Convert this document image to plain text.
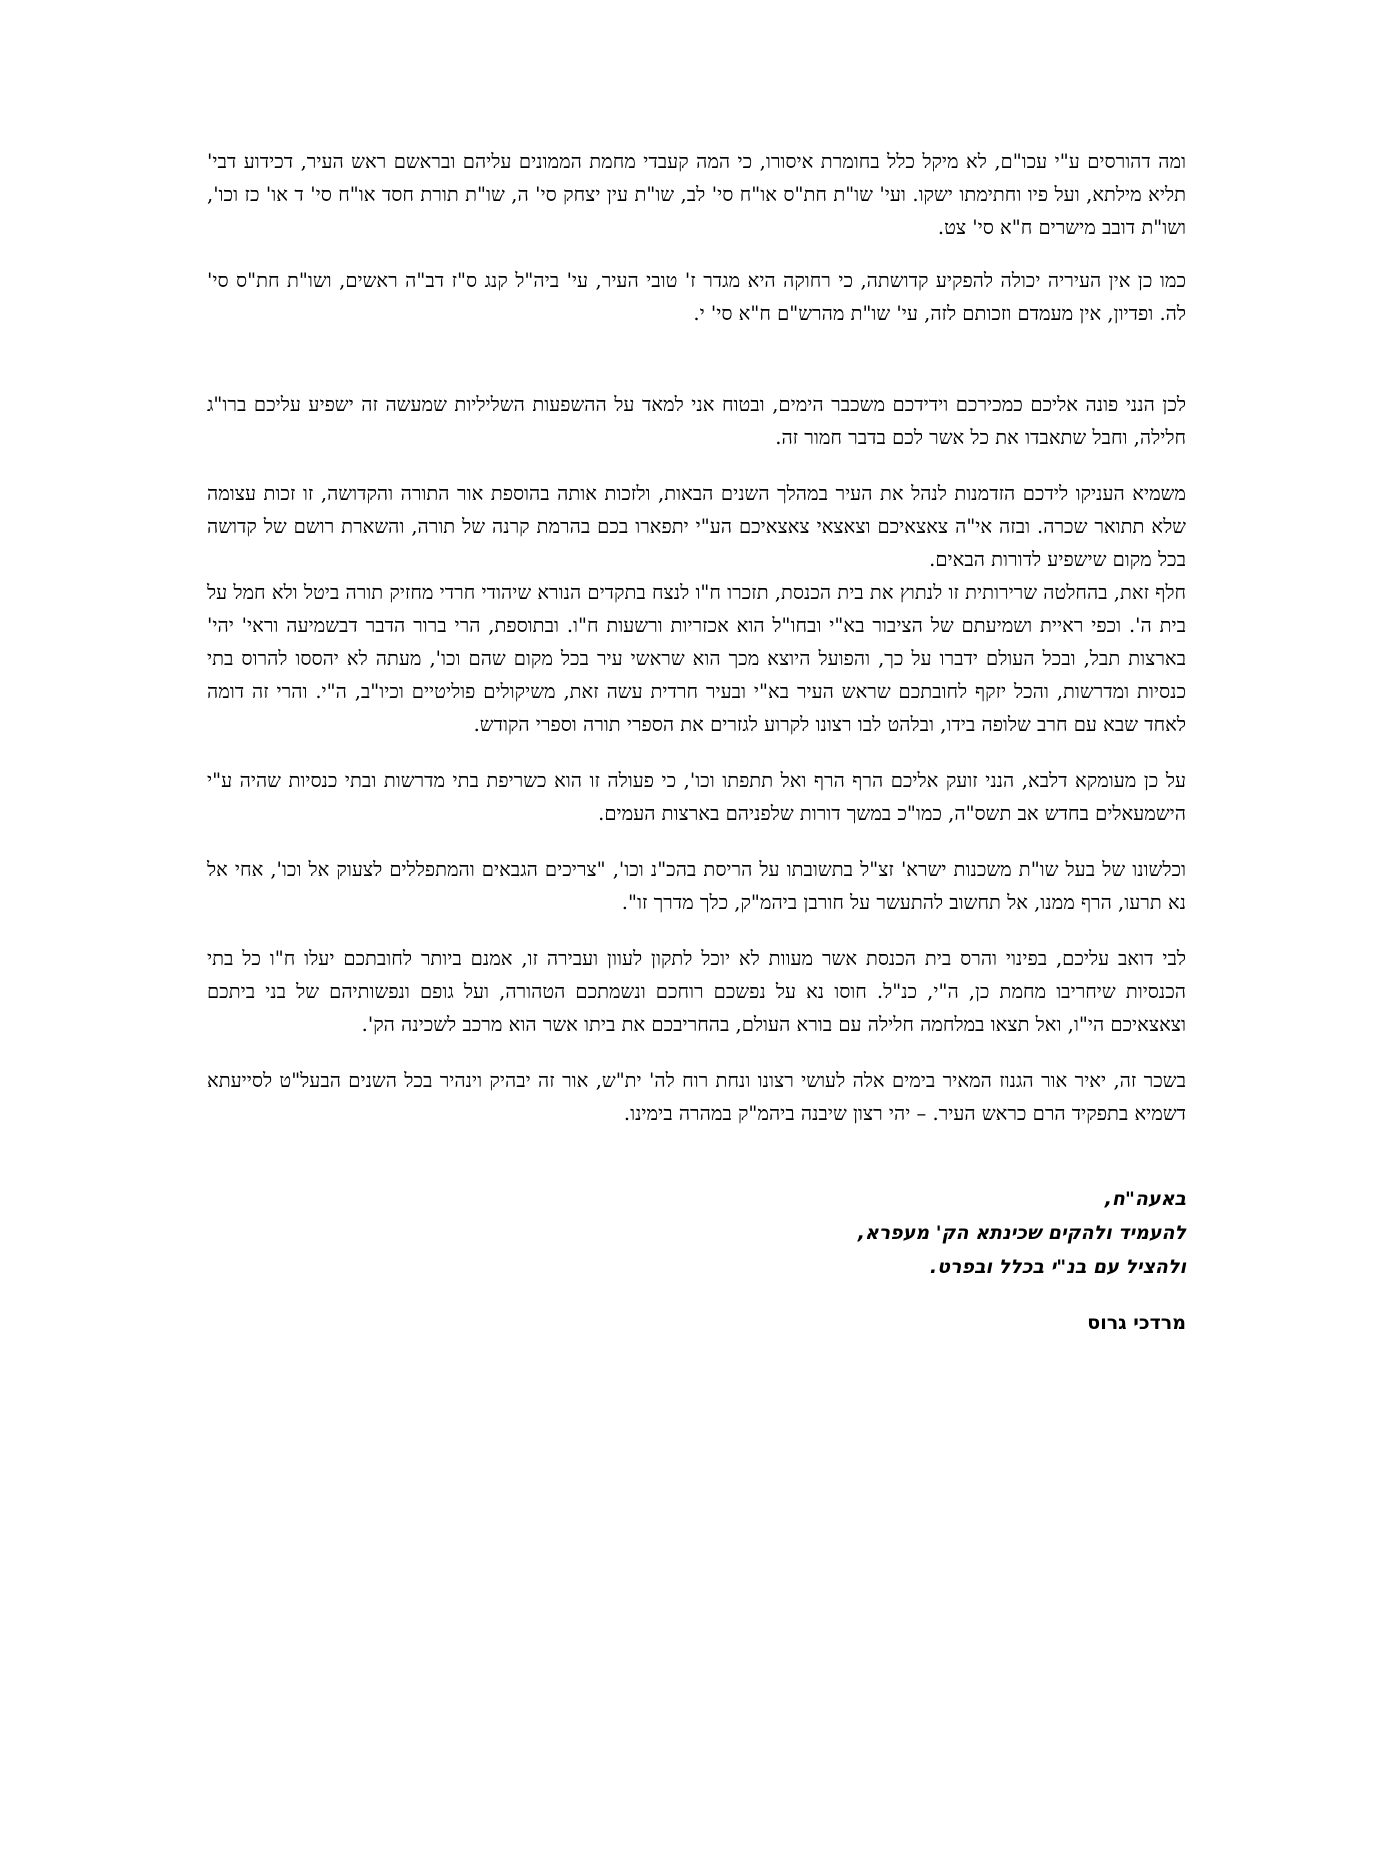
ומה דהורסים ע"י עכו"ם, לא מיקל כלל בחומרת איסורו, כי המה קעבדי מחמת הממונים עליהם ובראשם ראש העיר, דכידוע דבי' תליא מילתא, ועל פיו וחתימתו ישקו. ועי' שו"ת חת"ס או"ח סי' לב, שו"ת עין יצחק סי' ה, שו"ת תורת חסד או"ח סי' ד או' כז וכו', ושו"ת דובב מישרים ח"א סי' צט.

כמו כן אין העיריה יכולה להפקיע קדושתה, כי רחוקה היא מגדר ז' טובי העיר, עי' ביה"ל קנג ס"ז דב"ה ראשים, ושו"ת חת"ס סי' לה. ופדיון, אין מעמדם וזכותם לזה, עי' שו"ת מהרש"ם ח"א סי' י.

לכן הנני פונה אליכם כמכירכם וידידכם משכבר הימים, ובטוח אני למאד על ההשפעות השליליות שמעשה זה ישפיע עליכם ברו"ג חלילה, וחבל שתאבדו את כל אשר לכם בדבר חמור זה.

משמיא העניקו לידכם הזדמנות לנהל את העיר במהלך השנים הבאות, ולזכות אותה בהוספת אור התורה והקדושה, זו זכות עצומה שלא תתואר שכרה. ובזה אי"ה צאצאיכם וצאצאי צאצאיכם הע"י יתפארו בכם בהרמת קרנה של תורה, והשארת רושם של קדושה בכל מקום שישפיע לדורות הבאים.

חלף זאת, בהחלטה שרירותית זו לנתוץ את בית הכנסת, תזכרו ח"ו לנצח בתקדים הנורא שיהודי חרדי מחזיק תורה ביטל ולא חמל על בית ה'. וכפי ראיית ושמיעתם של הציבור בא"י ובחו"ל הוא אכזריות ורשעות ח"ו. ובתוספת, הרי ברור הדבר דבשמיעה וראי' יהי' בארצות תבל, ובכל העולם ידברו על כך, והפועל היוצא מכך הוא שראשי עיר בכל מקום שהם וכו', מעתה לא יהססו להרוס בתי כנסיות ומדרשות, והכל יזקף לחובתכם שראש העיר בא"י ובעיר חרדית עשה זאת, משיקולים פוליטיים וכיו"ב, ה"י. והרי זה דומה לאחד שבא עם חרב שלופה בידו, ובלהט לבו רצונו לקרוע לגזרים את הספרי תורה וספרי הקודש.

על כן מעומקא דלבא, הנני זועק אליכם הרף הרף ואל תתפתו וכו', כי פעולה זו הוא כשריפת בתי מדרשות ובתי כנסיות שהיה ע"י הישמעאלים בחדש אב תשס"ה, כמו"כ במשך דורות שלפניהם בארצות העמים.

וכלשונו של בעל שו"ת משכנות ישרא' זצ"ל בתשובתו על הריסת בהכ"נ וכו', "צריכים הגבאים והמתפללים לצעוק אל וכו', אחי אל נא תרעו, הרף ממנו, אל תחשוב להתעשר על חורבן ביהמ"ק, כלך מדרך זו".

לבי דואב עליכם, בפינוי והרס בית הכנסת אשר מעוות לא יוכל לתקון לעוון ועבירה זו, אמנם ביותר לחובתכם יעלו ח"ו כל בתי הכנסיות שיחריבו מחמת כן, ה"י, כנ"ל. חוסו נא על נפשכם רוחכם ונשמתכם הטהורה, ועל גופם ונפשותיהם של בני ביתכם וצאצאיכם הי"ו, ואל תצאו במלחמה חלילה עם בורא העולם, בהחריבכם את ביתו אשר הוא מרכב לשכינה הק'.

בשכר זה, יאיר אור הגנוז המאיר בימים אלה לעושי רצונו ונחת רוח לה' ית"ש, אור זה יבהיק וינהיר בכל השנים הבעל"ט לסייעתא דשמיא בתפקיד הרם כראש העיר. – יהי רצון שיבנה ביהמ"ק במהרה בימינו.

באעה"ח,
להעמיד ולהקים שכינתא הק' מעפרא,
ולהציל עם בנ"י בכלל ובפרט.
מרדכי גרוס
